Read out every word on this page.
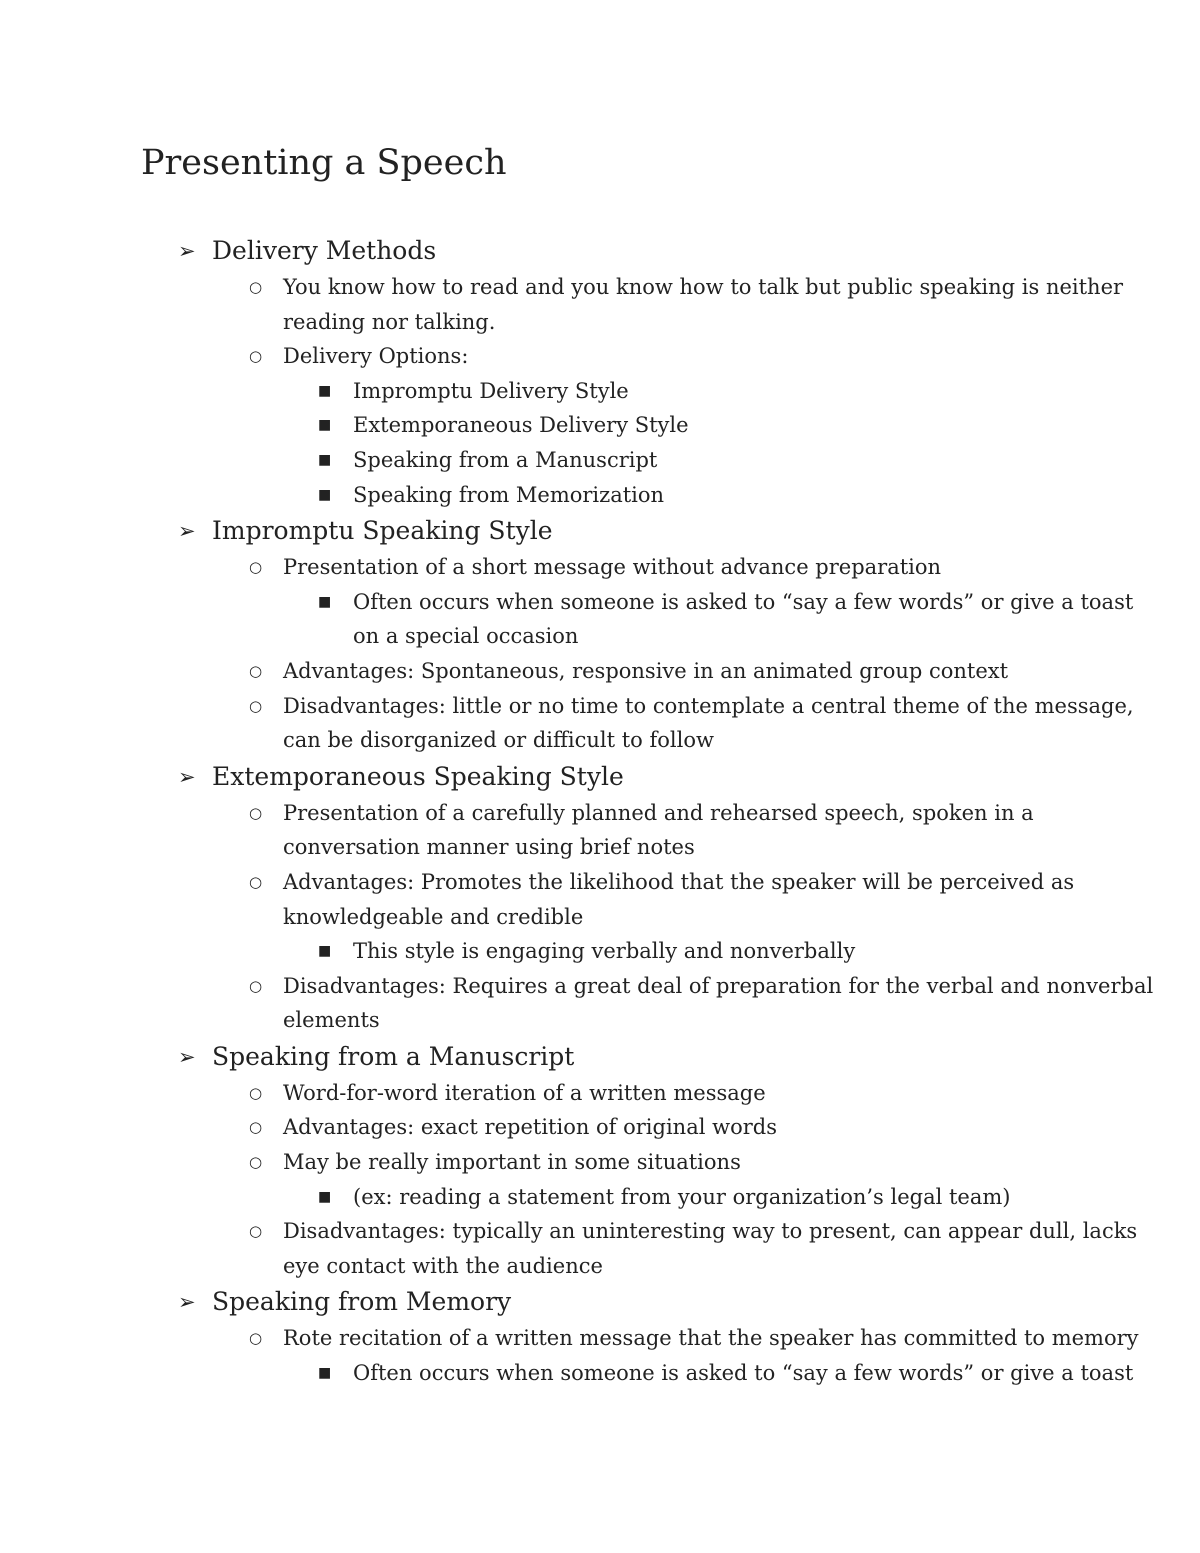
Presenting a Speech
➢ Delivery Methods
○ You know how to read and you know how to talk but public speaking is neither reading nor talking.
○ Delivery Options:
■ Impromptu Delivery Style
■ Extemporaneous Delivery Style
■ Speaking from a Manuscript
■ Speaking from Memorization
➢ Impromptu Speaking Style
○ Presentation of a short message without advance preparation
■ Often occurs when someone is asked to “say a few words” or give a toast on a special occasion
○ Advantages: Spontaneous, responsive in an animated group context
○ Disadvantages: little or no time to contemplate a central theme of the message, can be disorganized or difficult to follow
➢ Extemporaneous Speaking Style
○ Presentation of a carefully planned and rehearsed speech, spoken in a conversation manner using brief notes
○ Advantages: Promotes the likelihood that the speaker will be perceived as knowledgeable and credible
■ This style is engaging verbally and nonverbally
○ Disadvantages: Requires a great deal of preparation for the verbal and nonverbal elements
➢ Speaking from a Manuscript
○ Word-for-word iteration of a written message
○ Advantages: exact repetition of original words
○ May be really important in some situations
■ (ex: reading a statement from your organization’s legal team)
○ Disadvantages: typically an uninteresting way to present, can appear dull, lacks eye contact with the audience
➢ Speaking from Memory
○ Rote recitation of a written message that the speaker has committed to memory
■ Often occurs when someone is asked to “say a few words” or give a toast
